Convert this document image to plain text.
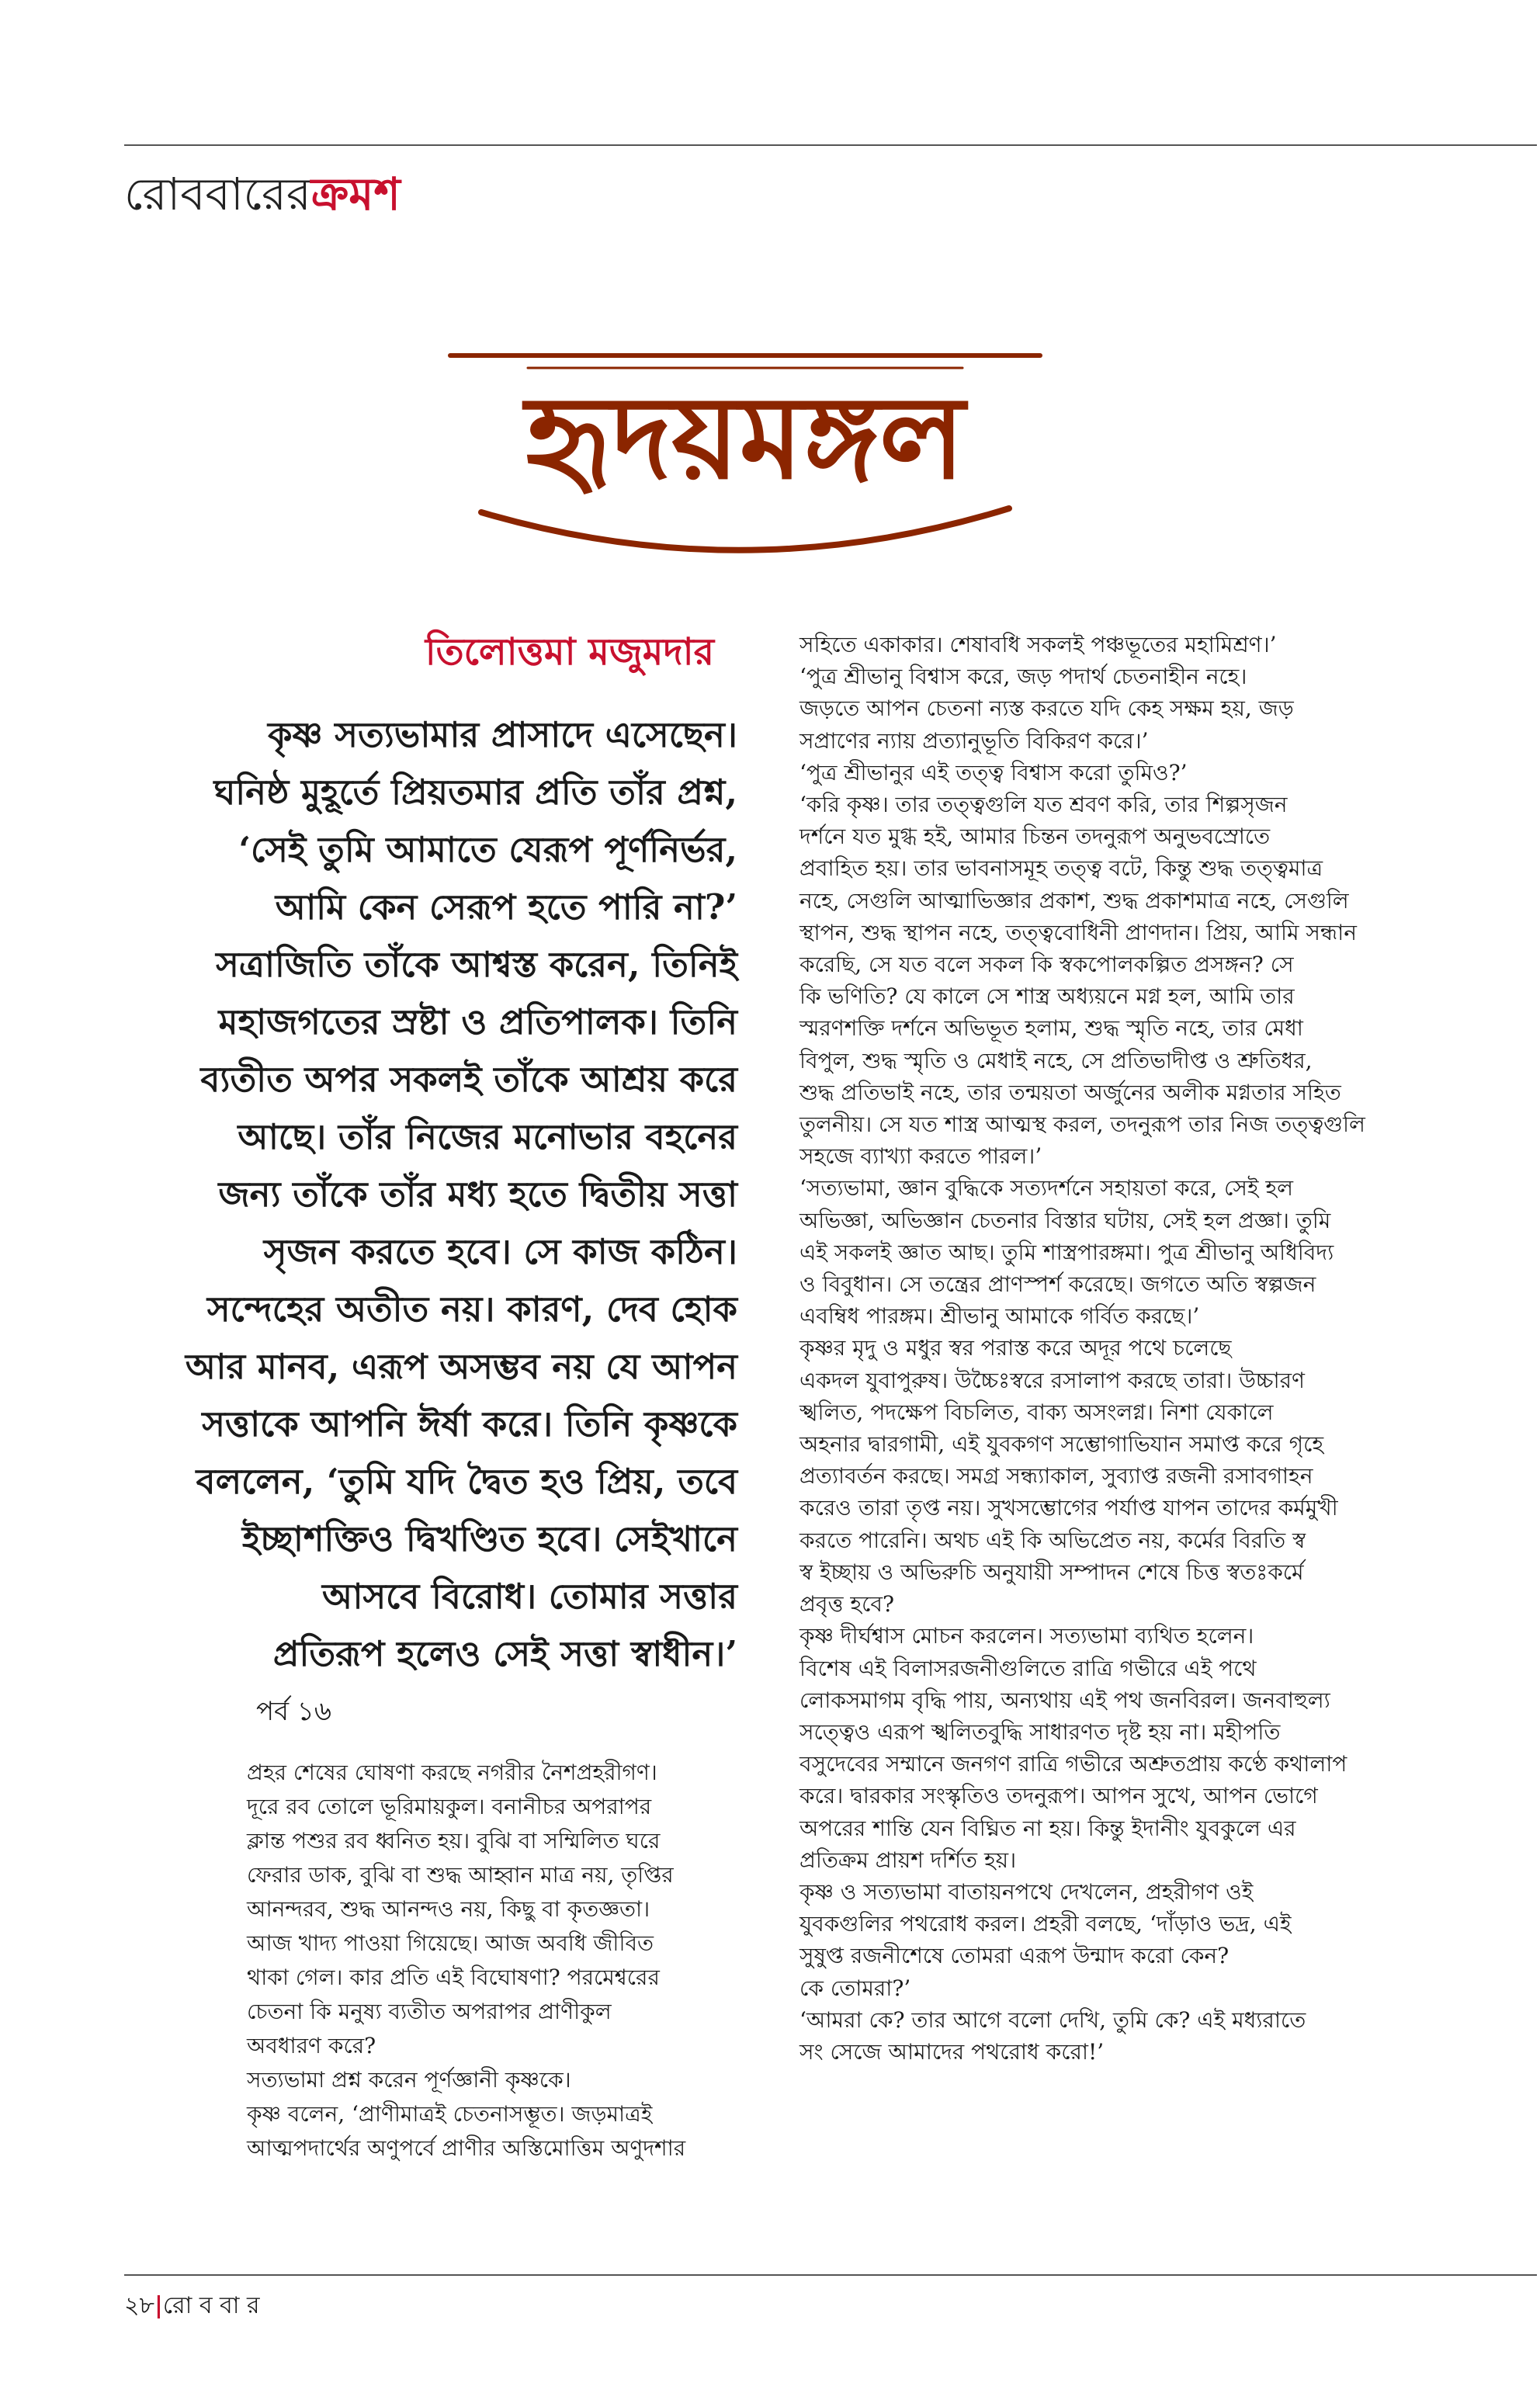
রোববারেরক্রমশ
হৃদয়মঙ্গল
তিলোত্তমা মজুমদার

কৃষ্ণ সত্যভামার প্রাসাদে এসেছেন।

ঘনিষ্ঠ মুহূর্তে প্রিয়তমার প্রতি তাঁর প্রশ্ন,

‘সেই তুমি আমাতে যেরূপ পূর্ণনির্ভর,

আমি কেন সেরূপ হতে পারি না?’

সত্রাজিতি তাঁকে আশ্বস্ত করেন, তিনিই

মহাজগতের স্রষ্টা ও প্রতিপালক। তিনি

ব্যতীত অপর সকলই তাঁকে আশ্রয় করে

আছে। তাঁর নিজের মনোভার বহনের

জন্য তাঁকে তাঁর মধ্য হতে দ্বিতীয় সত্তা

সৃজন করতে হবে। সে কাজ কঠিন।

সন্দেহের অতীত নয়। কারণ, দেব হোক

আর মানব, এরূপ অসম্ভব নয় যে আপন

সত্তাকে আপনি ঈর্ষা করে। তিনি কৃষ্ণকে

বললেন, ‘তুমি যদি দ্বৈত হও প্রিয়, তবে

ইচ্ছাশক্তিও দ্বিখণ্ডিত হবে। সেইখানে

আসবে বিরোধ। তোমার সত্তার

প্রতিরূপ হলেও সেই সত্তা স্বাধীন।’

পর্ব ১৬

প্রহর শেষের ঘোষণা করছে নগরীর নৈশপ্রহরীগণ।

দূরে রব তোলে ভূরিমায়কুল। বনানীচর অপরাপর

ক্লান্ত পশুর রব ধ্বনিত হয়। বুঝি বা সম্মিলিত ঘরে

ফেরার ডাক, বুঝি বা শুদ্ধ আহ্বান মাত্র নয়, তৃপ্তির

আনন্দরব, শুদ্ধ আনন্দও নয়, কিছু বা কৃতজ্ঞতা।

আজ খাদ্য পাওয়া গিয়েছে। আজ অবধি জীবিত

থাকা গেল। কার প্রতি এই বিঘোষণা? পরমেশ্বরের

চেতনা কি মনুষ্য ব্যতীত অপরাপর প্রাণীকুল

অবধারণ করে?

সত্যভামা প্রশ্ন করেন পূর্ণজ্ঞানী কৃষ্ণকে।

কৃষ্ণ বলেন, ‘প্রাণীমাত্রই চেতনাসম্ভূত। জড়মাত্রই

আত্মপদার্থের অণুপর্বে প্রাণীর অস্তিমোত্তিম অণুদশার

সহিতে একাকার। শেষাবধি সকলই পঞ্চভূতের মহামিশ্রণ।’

‘পুত্র শ্রীভানু বিশ্বাস করে, জড় পদার্থ চেতনাহীন নহে।

জড়তে আপন চেতনা ন্যস্ত করতে যদি কেহ সক্ষম হয়, জড়

সপ্রাণের ন্যায় প্রত্যানুভূতি বিকিরণ করে।’

‘পুত্র শ্রীভানুর এই তত্ত্ব বিশ্বাস করো তুমিও?’

‘করি কৃষ্ণ। তার তত্ত্বগুলি যত শ্রবণ করি, তার শিল্পসৃজন

দর্শনে যত মুগ্ধ হই, আমার চিন্তন তদনুরূপ অনুভবস্রোতে

প্রবাহিত হয়। তার ভাবনাসমূহ তত্ত্ব বটে, কিন্তু শুদ্ধ তত্ত্বমাত্র

নহে, সেগুলি আত্মাভিজ্ঞার প্রকাশ, শুদ্ধ প্রকাশমাত্র নহে, সেগুলি

স্থাপন, শুদ্ধ স্থাপন নহে, তত্ত্ববোধিনী প্রাণদান। প্রিয়, আমি সন্ধান

করেছি, সে যত বলে সকল কি স্বকপোলকল্পিত প্রসঙ্গন? সে

কি ভণিতি? যে কালে সে শাস্ত্র অধ্যয়নে মগ্ন হল, আমি তার

স্মরণশক্তি দর্শনে অভিভূত হলাম, শুদ্ধ স্মৃতি নহে, তার মেধা

বিপুল, শুদ্ধ স্মৃতি ও মেধাই নহে, সে প্রতিভাদীপ্ত ও শ্রুতিধর,

শুদ্ধ প্রতিভাই নহে, তার তন্ময়তা অর্জুনের অলীক মগ্নতার সহিত

তুলনীয়। সে যত শাস্ত্র আত্মস্থ করল, তদনুরূপ তার নিজ তত্ত্বগুলি

সহজে ব্যাখ্যা করতে পারল।’

‘সত্যভামা, জ্ঞান বুদ্ধিকে সত্যদর্শনে সহায়তা করে, সেই হল

অভিজ্ঞা, অভিজ্ঞান চেতনার বিস্তার ঘটায়, সেই হল প্রজ্ঞা। তুমি

এই সকলই জ্ঞাত আছ। তুমি শাস্ত্রপারঙ্গমা। পুত্র শ্রীভানু অধিবিদ্য

ও বিবুধান। সে তন্ত্রের প্রাণস্পর্শ করেছে। জগতে অতি স্বল্পজন

এবম্বিধ পারঙ্গম। শ্রীভানু আমাকে গর্বিত করছে।’

কৃষ্ণর মৃদু ও মধুর স্বর পরাস্ত করে অদূর পথে চলেছে

একদল যুবাপুরুষ। উচ্চৈঃস্বরে রসালাপ করছে তারা। উচ্চারণ

স্খলিত, পদক্ষেপ বিচলিত, বাক্য অসংলগ্ন। নিশা যেকালে

অহনার দ্বারগামী, এই যুবকগণ সম্ভোগাভিযান সমাপ্ত করে গৃহে

প্রত্যাবর্তন করছে। সমগ্র সন্ধ্যাকাল, সুব্যাপ্ত রজনী রসাবগাহন

করেও তারা তৃপ্ত নয়। সুখসম্ভোগের পর্যাপ্ত যাপন তাদের কর্মমুখী

করতে পারেনি। অথচ এই কি অভিপ্রেত নয়, কর্মের বিরতি স্ব

স্ব ইচ্ছায় ও অভিরুচি অনুযায়ী সম্পাদন শেষে চিত্ত স্বতঃকর্মে

প্রবৃত্ত হবে?

কৃষ্ণ দীর্ঘশ্বাস মোচন করলেন। সত্যভামা ব্যথিত হলেন।

বিশেষ এই বিলাসরজনীগুলিতে রাত্রি গভীরে এই পথে

লোকসমাগম বৃদ্ধি পায়, অন্যথায় এই পথ জনবিরল। জনবাহুল্য

সত্ত্বেও এরূপ স্খলিতবুদ্ধি সাধারণত দৃষ্ট হয় না। মহীপতি

বসুদেবের সম্মানে জনগণ রাত্রি গভীরে অশ্রুতপ্রায় কণ্ঠে কথালাপ

করে। দ্বারকার সংস্কৃতিও তদনুরূপ। আপন সুখে, আপন ভোগে

অপরের শান্তি যেন বিঘ্নিত না হয়। কিন্তু ইদানীং যুবকুলে এর

প্রতিক্রম প্রায়শ দর্শিত হয়।

কৃষ্ণ ও সত্যভামা বাতায়নপথে দেখলেন, প্রহরীগণ ওই

যুবকগুলির পথরোধ করল। প্রহরী বলছে, ‘দাঁড়াও ভদ্র, এই

সুষুপ্ত রজনীশেষে তোমরা এরূপ উন্মাদ করো কেন?

কে তোমরা?’

‘আমরা কে? তার আগে বলো দেখি, তুমি কে? এই মধ্যরাতে

সং সেজে আমাদের পথরোধ করো!’

২৮|রো ব বা র
